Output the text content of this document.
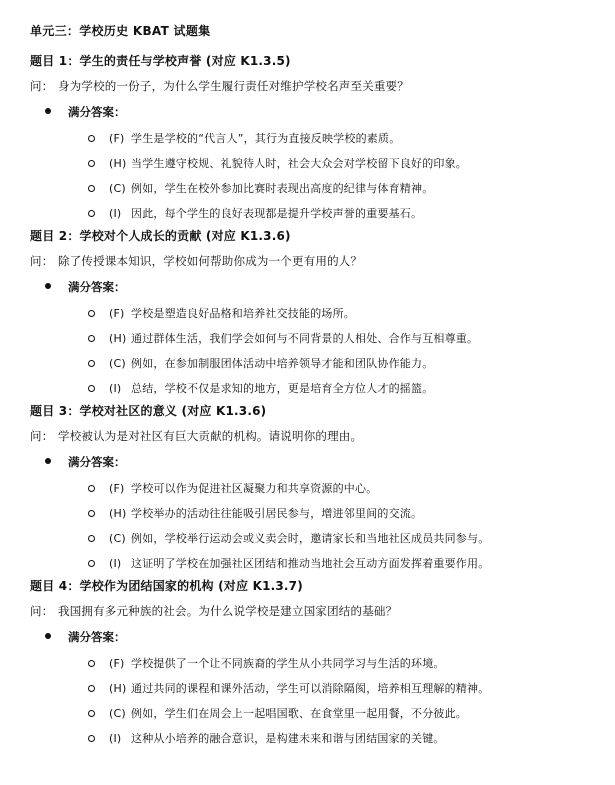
单元三：学校历史 KBAT 试题集
题目 1：学生的责任与学校声誉 (对应 K1.3.5)
问： 身为学校的一份子，为什么学生履行责任对维护学校名声至关重要？
满分答案：
(F) 学生是学校的“代言人”，其行为直接反映学校的素质。
(H) 当学生遵守校规、礼貌待人时，社会大众会对学校留下良好的印象。
(C) 例如，学生在校外参加比赛时表现出高度的纪律与体育精神。
(I) 因此，每个学生的良好表现都是提升学校声誉的重要基石。
题目 2：学校对个人成长的贡献 (对应 K1.3.6)
问： 除了传授课本知识，学校如何帮助你成为一个更有用的人？
满分答案：
(F) 学校是塑造良好品格和培养社交技能的场所。
(H) 通过群体生活，我们学会如何与不同背景的人相处、合作与互相尊重。
(C) 例如，在参加制服团体活动中培养领导才能和团队协作能力。
(I) 总结，学校不仅是求知的地方，更是培育全方位人才的摇篮。
题目 3：学校对社区的意义 (对应 K1.3.6)
问： 学校被认为是对社区有巨大贡献的机构。请说明你的理由。
满分答案：
(F) 学校可以作为促进社区凝聚力和共享资源的中心。
(H) 学校举办的活动往往能吸引居民参与，增进邻里间的交流。
(C) 例如，学校举行运动会或义卖会时，邀请家长和当地社区成员共同参与。
(I) 这证明了学校在加强社区团结和推动当地社会互动方面发挥着重要作用。
题目 4：学校作为团结国家的机构 (对应 K1.3.7)
问： 我国拥有多元种族的社会。为什么说学校是建立国家团结的基础？
满分答案：
(F) 学校提供了一个让不同族裔的学生从小共同学习与生活的环境。
(H) 通过共同的课程和课外活动，学生可以消除隔阂，培养相互理解的精神。
(C) 例如，学生们在周会上一起唱国歌、在食堂里一起用餐，不分彼此。
(I) 这种从小培养的融合意识，是构建未来和谐与团结国家的关键。
